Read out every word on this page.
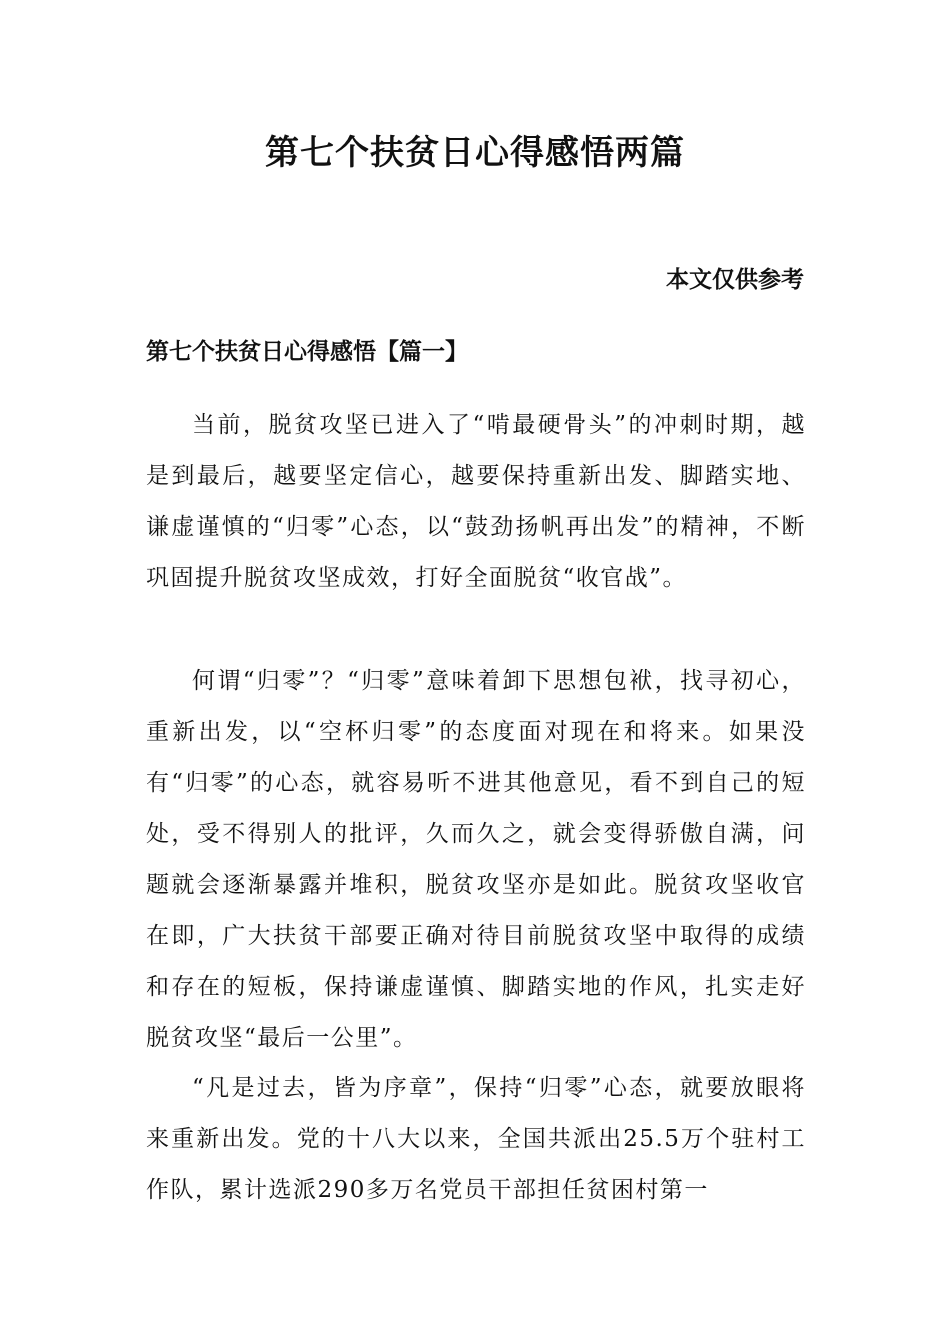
第七个扶贫日心得感悟两篇
本文仅供参考
第七个扶贫日心得感悟【篇一】

当前，脱贫攻坚已进入了“啃最硬骨头”的冲刺时期，越是到最后，越要坚定信心，越要保持重新出发、脚踏实地、谦虚谨慎的“归零”心态，以“鼓劲扬帆再出发”的精神，不断巩固提升脱贫攻坚成效，打好全面脱贫“收官战”。

何谓“归零”？“归零”意味着卸下思想包袱，找寻初心，重新出发，以“空杯归零”的态度面对现在和将来。如果没有“归零”的心态，就容易听不进其他意见，看不到自己的短处，受不得别人的批评，久而久之，就会变得骄傲自满，问题就会逐渐暴露并堆积，脱贫攻坚亦是如此。脱贫攻坚收官在即，广大扶贫干部要正确对待目前脱贫攻坚中取得的成绩和存在的短板，保持谦虚谨慎、脚踏实地的作风，扎实走好脱贫攻坚“最后一公里”。

“凡是过去，皆为序章”，保持“归零”心态，就要放眼将来重新出发。党的十八大以来，全国共派出25.5万个驻村工作队，累计选派290多万名党员干部担任贫困村第一
